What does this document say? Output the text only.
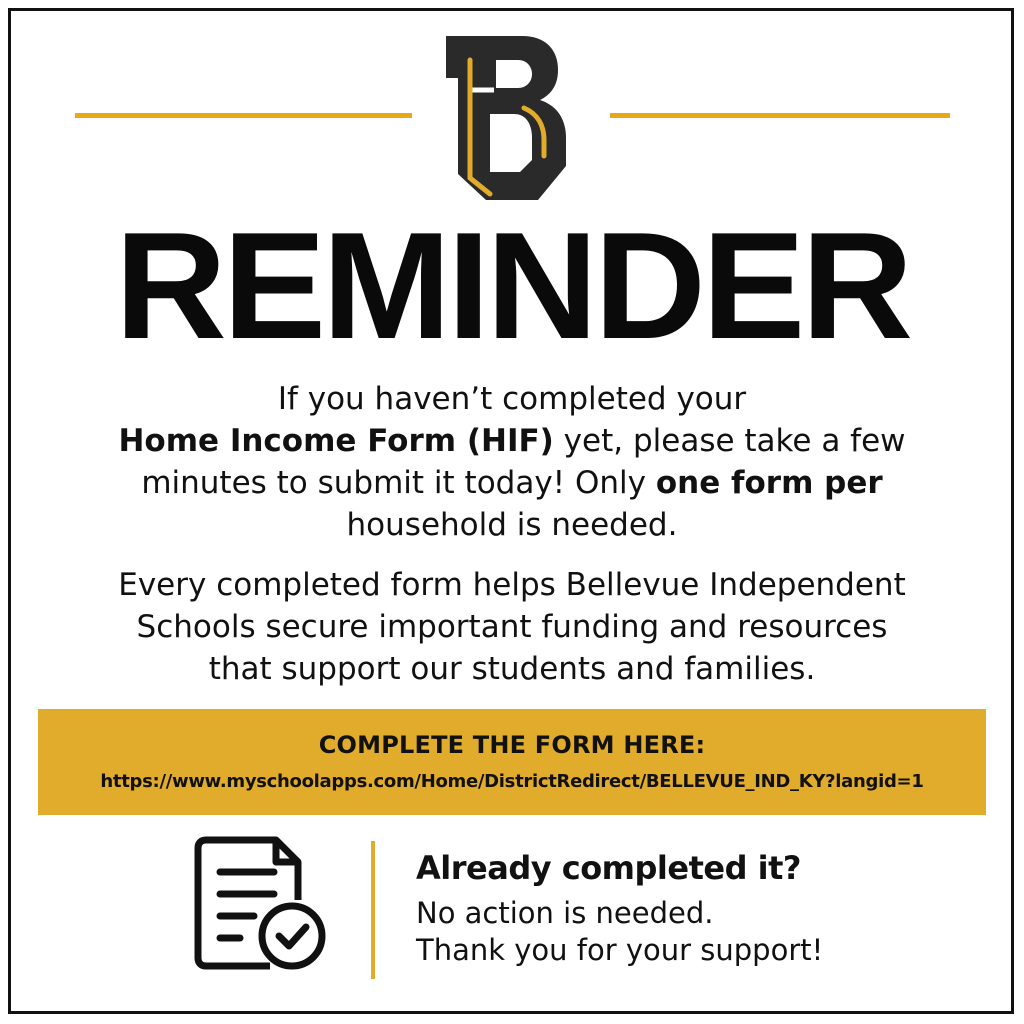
REMINDER
If you haven’t completed your
Home Income Form (HIF) yet, please take a few
minutes to submit it today! Only one form per
household is needed.
Every completed form helps Bellevue Independent
Schools secure important funding and resources
that support our students and families.
COMPLETE THE FORM HERE:
https://www.myschoolapps.com/Home/DistrictRedirect/BELLEVUE_IND_KY?langid=1
Already completed it?
No action is needed.
Thank you for your support!
